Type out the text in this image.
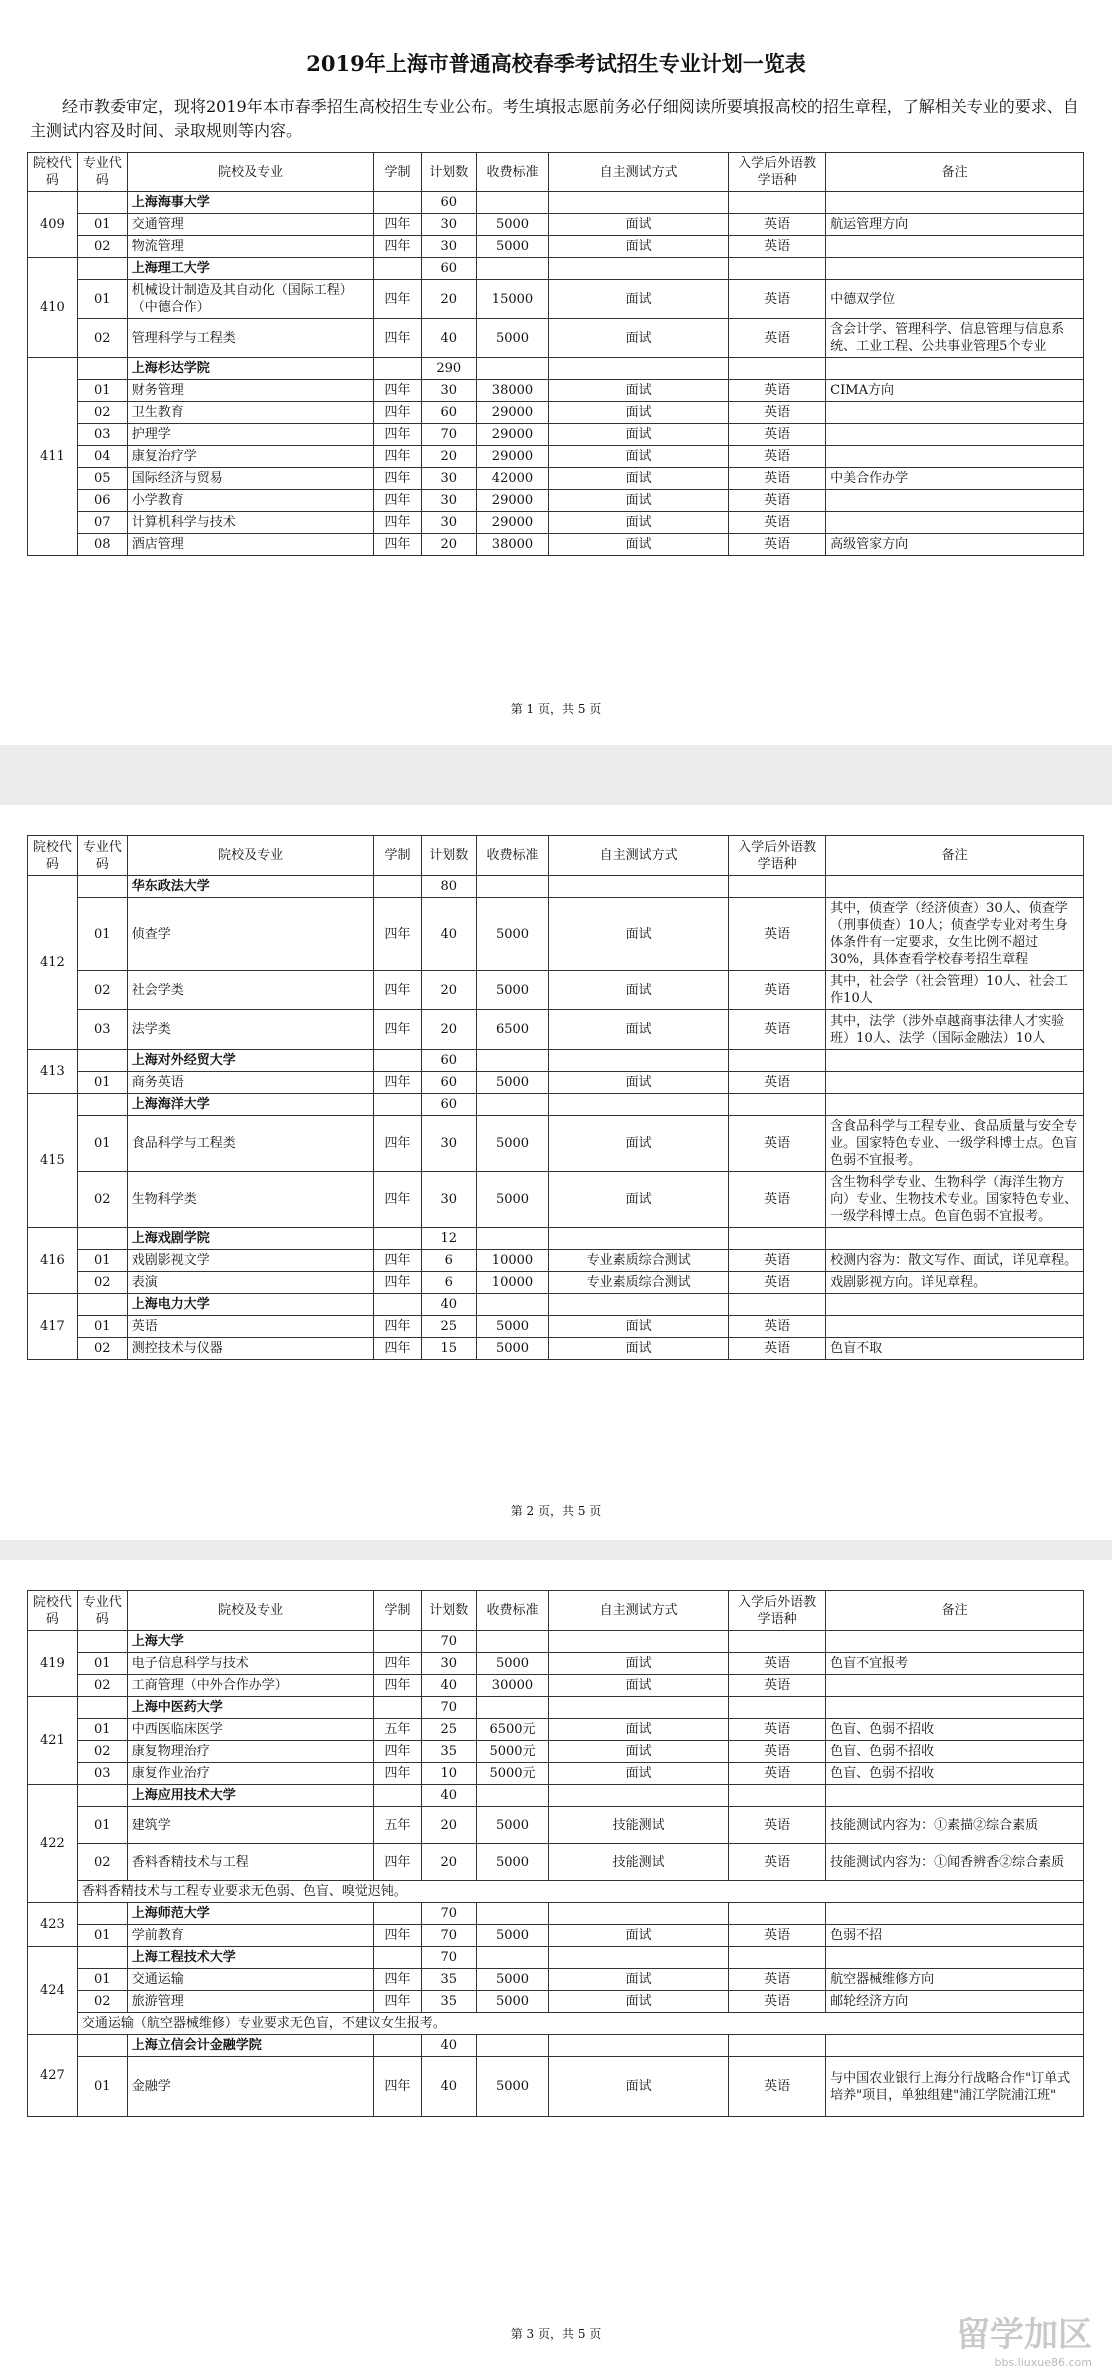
2019年上海市普通高校春季考试招生专业计划一览表
经市教委审定，现将2019年本市春季招生高校招生专业公布。考生填报志愿前务必仔细阅读所要填报高校的招生章程，了解相关专业的要求、自主测试内容及时间、录取规则等内容。
院校代码	专业代码	院校及专业	学制	计划数	收费标准	自主测试方式	入学后外语教学语种	备注
409		上海海事大学		60				
	01	交通管理	四年	30	5000	面试	英语	航运管理方向
	02	物流管理	四年	30	5000	面试	英语	
410		上海理工大学		60				
	01	机械设计制造及其自动化（国际工程）（中德合作）	四年	20	15000	面试	英语	中德双学位
	02	管理科学与工程类	四年	40	5000	面试	英语	含会计学、管理科学、信息管理与信息系统、工业工程、公共事业管理5个专业
411		上海杉达学院		290				
	01	财务管理	四年	30	38000	面试	英语	CIMA方向
	02	卫生教育	四年	60	29000	面试	英语	
	03	护理学	四年	70	29000	面试	英语	
	04	康复治疗学	四年	20	29000	面试	英语	
	05	国际经济与贸易	四年	30	42000	面试	英语	中美合作办学
	06	小学教育	四年	30	29000	面试	英语	
	07	计算机科学与技术	四年	30	29000	面试	英语	
	08	酒店管理	四年	20	38000	面试	英语	高级管家方向
第 1 页，共 5 页
院校代码	专业代码	院校及专业	学制	计划数	收费标准	自主测试方式	入学后外语教学语种	备注
412		华东政法大学		80				
	01	侦查学	四年	40	5000	面试	英语	其中，侦查学（经济侦查）30人、侦查学（刑事侦查）10人；侦查学专业对考生身体条件有一定要求，女生比例不超过30%，具体查看学校春考招生章程
	02	社会学类	四年	20	5000	面试	英语	其中，社会学（社会管理）10人、社会工作10人
	03	法学类	四年	20	6500	面试	英语	其中，法学（涉外卓越商事法律人才实验班）10人、法学（国际金融法）10人
413		上海对外经贸大学		60				
	01	商务英语	四年	60	5000	面试	英语	
415		上海海洋大学		60				
	01	食品科学与工程类	四年	30	5000	面试	英语	含食品科学与工程专业、食品质量与安全专业。国家特色专业、一级学科博士点。色盲色弱不宜报考。
	02	生物科学类	四年	30	5000	面试	英语	含生物科学专业、生物科学（海洋生物方向）专业、生物技术专业。国家特色专业、一级学科博士点。色盲色弱不宜报考。
416		上海戏剧学院		12				
	01	戏剧影视文学	四年	6	10000	专业素质综合测试	英语	校测内容为：散文写作、面试，详见章程。
	02	表演	四年	6	10000	专业素质综合测试	英语	戏剧影视方向。详见章程。
417		上海电力大学		40				
	01	英语	四年	25	5000	面试	英语	
	02	测控技术与仪器	四年	15	5000	面试	英语	色盲不取
第 2 页，共 5 页
院校代码	专业代码	院校及专业	学制	计划数	收费标准	自主测试方式	入学后外语教学语种	备注
419		上海大学		70				
	01	电子信息科学与技术	四年	30	5000	面试	英语	色盲不宜报考
	02	工商管理（中外合作办学）	四年	40	30000	面试	英语	
421		上海中医药大学		70				
	01	中西医临床医学	五年	25	6500元	面试	英语	色盲、色弱不招收
	02	康复物理治疗	四年	35	5000元	面试	英语	色盲、色弱不招收
	03	康复作业治疗	四年	10	5000元	面试	英语	色盲、色弱不招收
422		上海应用技术大学		40				
	01	建筑学	五年	20	5000	技能测试	英语	技能测试内容为：①素描②综合素质
	02	香料香精技术与工程	四年	20	5000	技能测试	英语	技能测试内容为：①闻香辨香②综合素质
	香料香精技术与工程专业要求无色弱、色盲、嗅觉迟钝。							
423		上海师范大学		70				
	01	学前教育	四年	70	5000	面试	英语	色弱不招
424		上海工程技术大学		70				
	01	交通运输	四年	35	5000	面试	英语	航空器械维修方向
	02	旅游管理	四年	35	5000	面试	英语	邮轮经济方向
	交通运输（航空器械维修）专业要求无色盲，不建议女生报考。							
427		上海立信会计金融学院		40				
	01	金融学	四年	40	5000	面试	英语	与中国农业银行上海分行战略合作"订单式培养"项目，单独组建"浦江学院浦江班"
第 3 页，共 5 页	留学加区
bbs.liuxue86.com
